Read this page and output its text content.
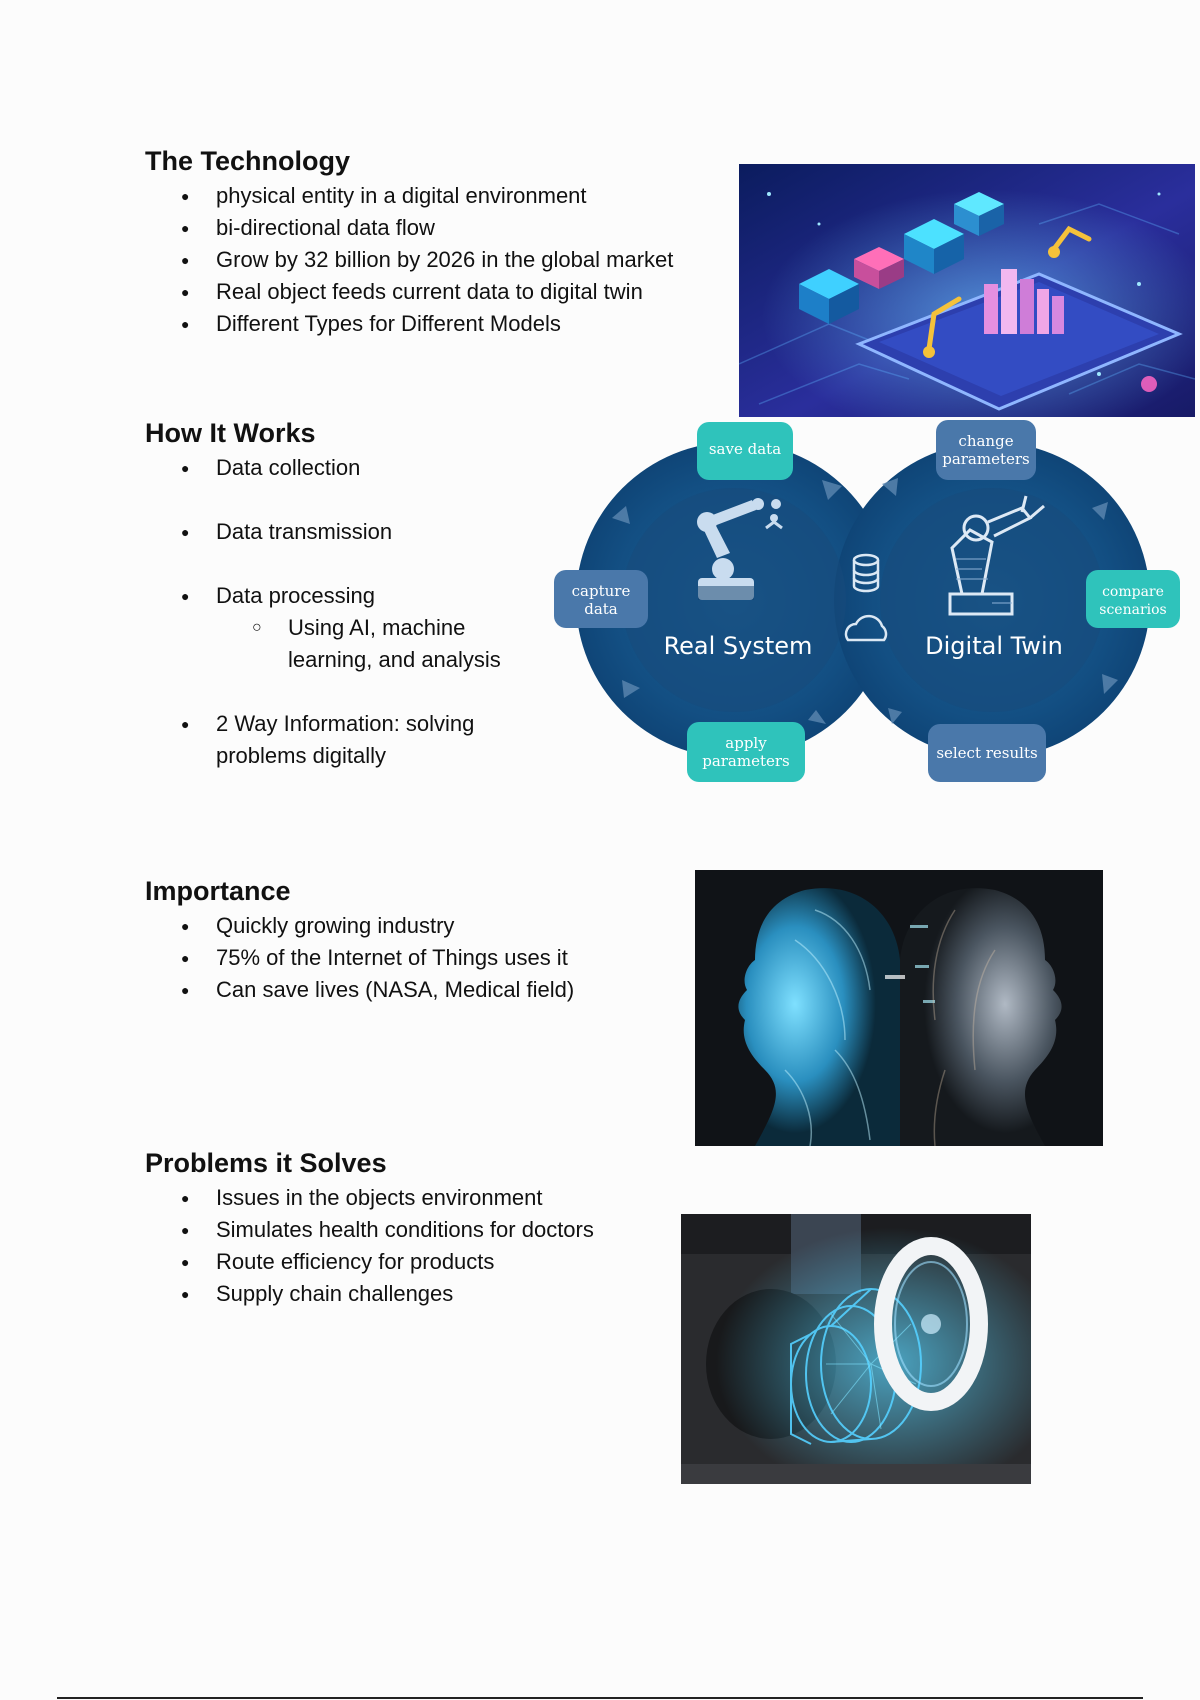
The Technology
● physical entity in a digital environment
● bi-directional data flow
● Grow by 32 billion by 2026 in the global market
● Real object feeds current data to digital twin
● Different Types for Different Models
How It Works
● Data collection
● Data transmission
● Data processing
○ Using AI, machine learning, and analysis
● 2 Way Information: solving problems digitally
Real System	Digital Twin
save data
capture
data
apply
parameters
change
parameters
compare
scenarios
select results
Importance
● Quickly growing industry
● 75% of the Internet of Things uses it
● Can save lives (NASA, Medical field)
Problems it Solves
● Issues in the objects environment
● Simulates health conditions for doctors
● Route efficiency for products
● Supply chain challenges
